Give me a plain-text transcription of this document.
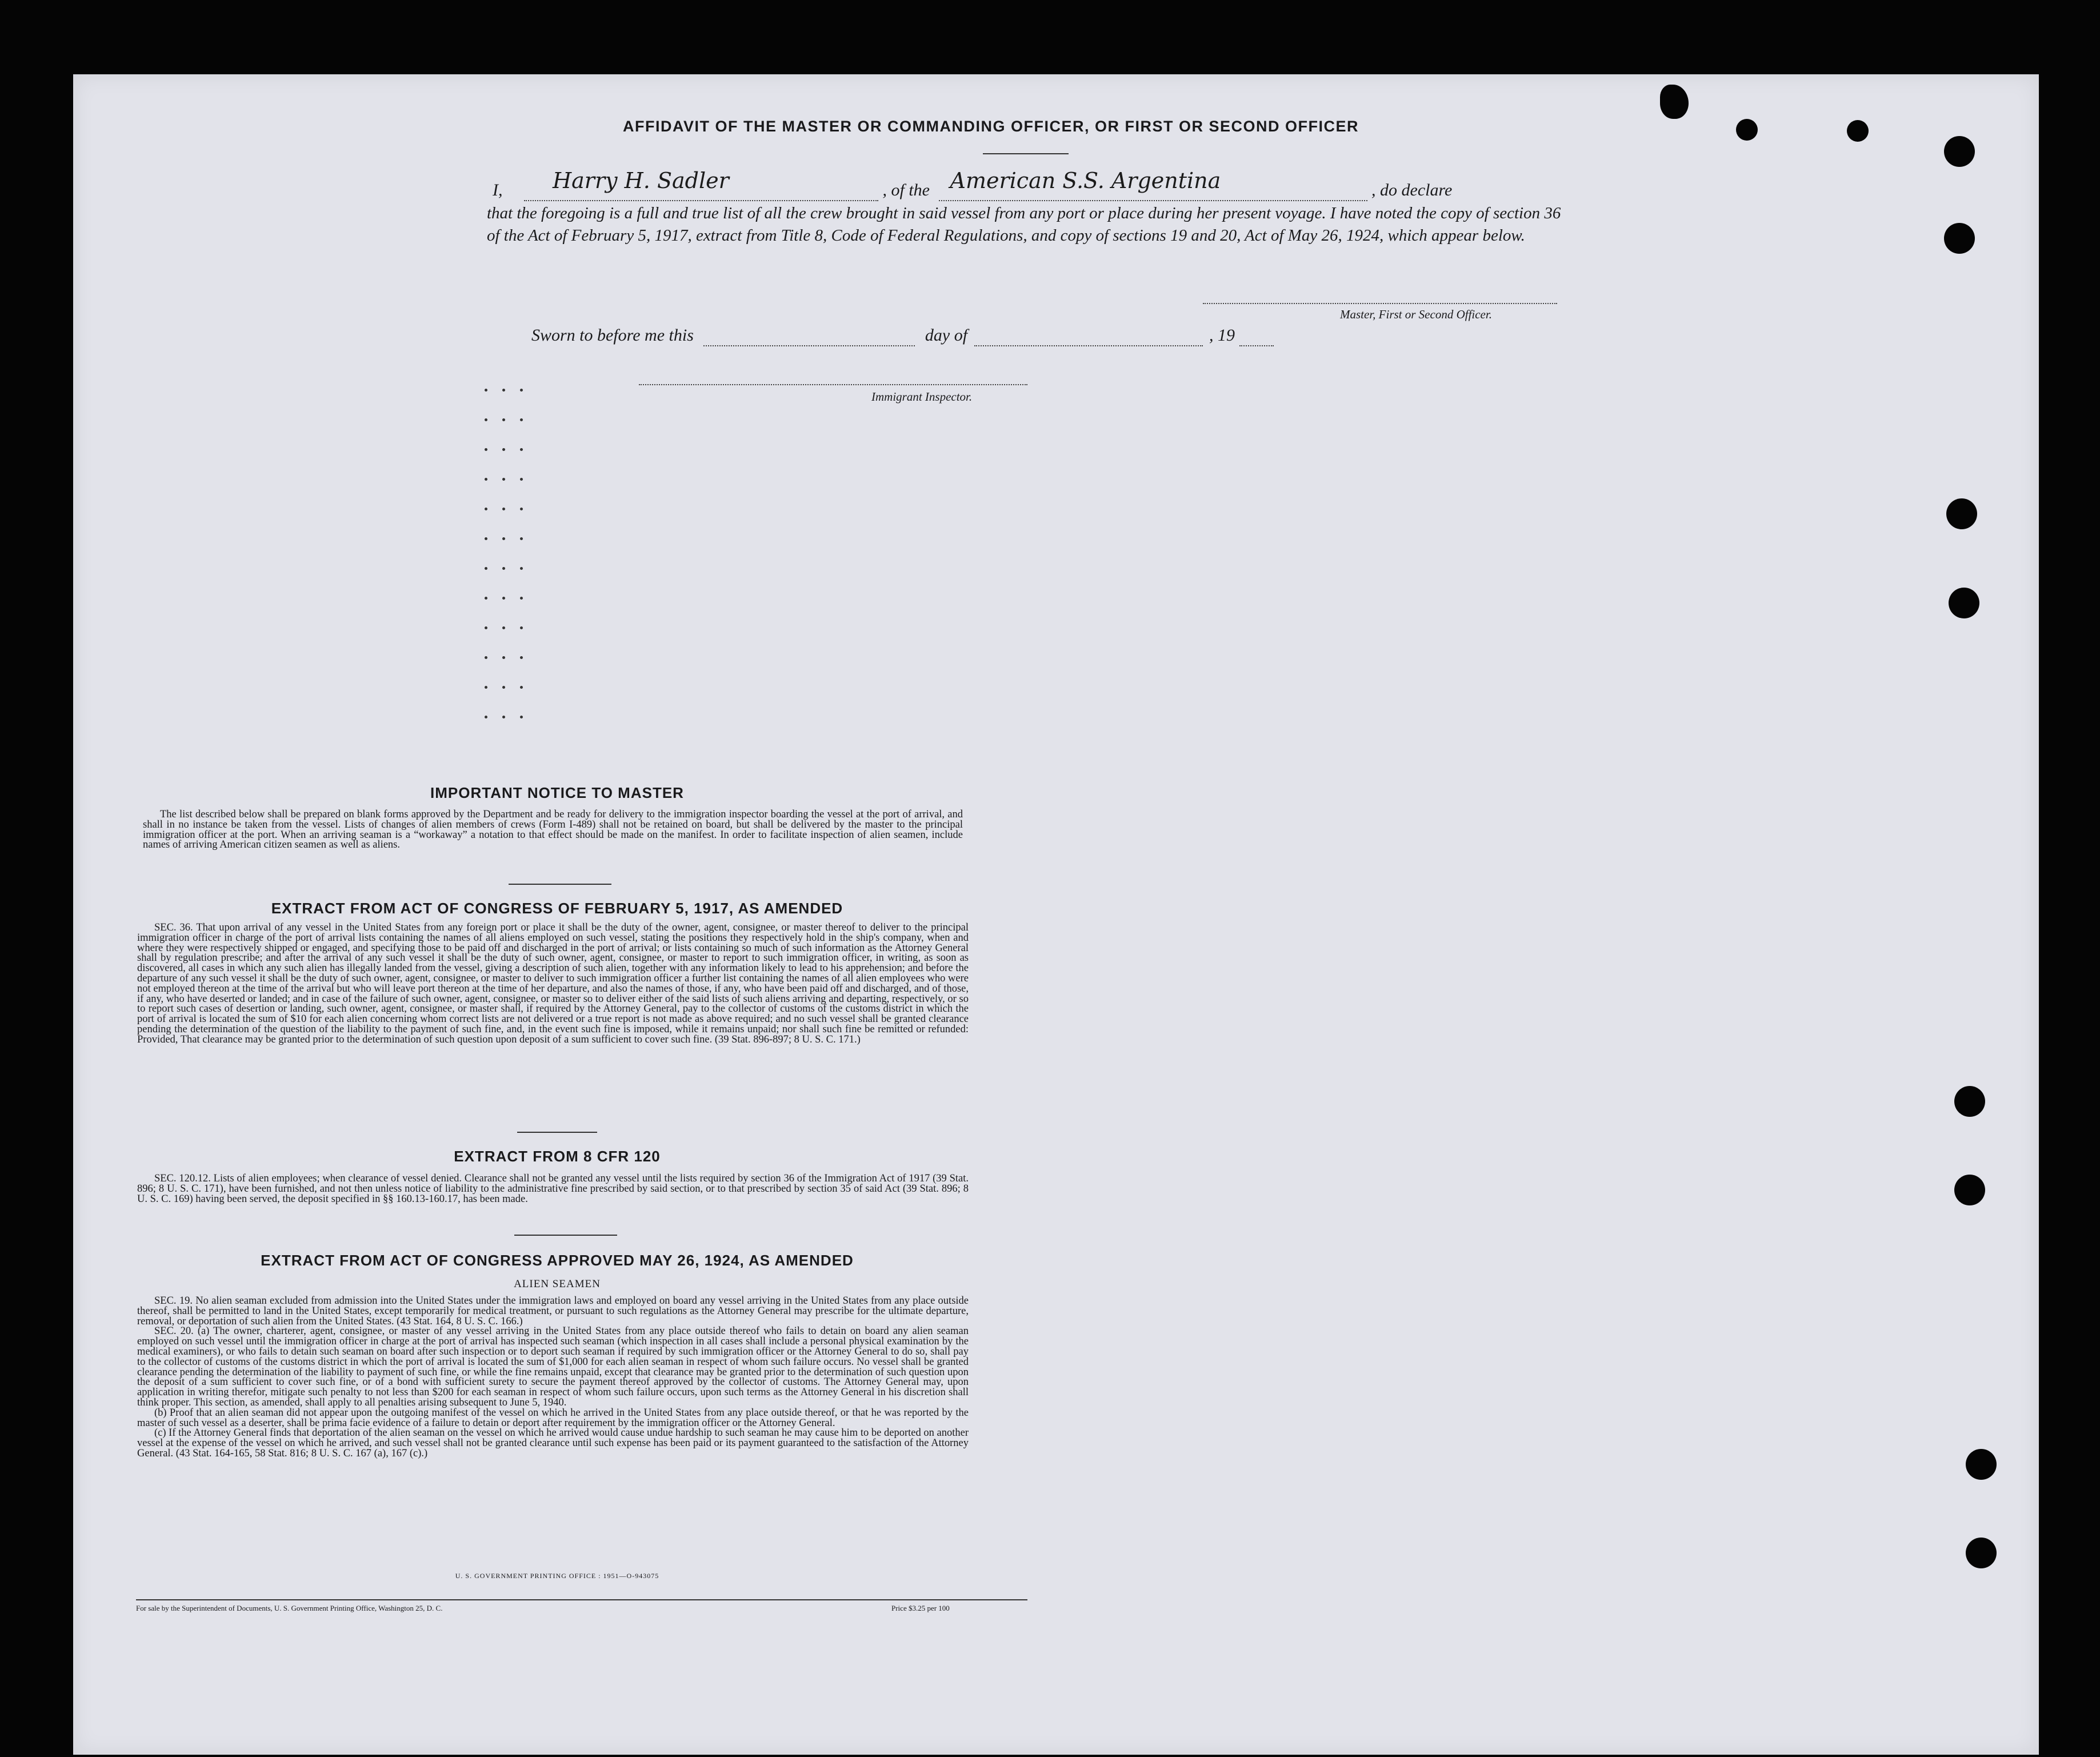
AFFIDAVIT OF THE MASTER OR COMMANDING OFFICER, OR FIRST OR SECOND OFFICER
I, Harry H. Sadler	, of the American S.S. Argentina	, do declare
that the foregoing is a full and true list of all the crew brought in said vessel from any port or place during her present voyage. I have noted the copy of section 36 of the Act of February 5, 1917, extract from Title 8, Code of Federal Regulations, and copy of sections 19 and 20, Act of May 26, 1924, which appear below.
Master, First or Second Officer.
Sworn to before me this	day of	, 19
Immigrant Inspector.
IMPORTANT NOTICE TO MASTER

The list described below shall be prepared on blank forms approved by the Department and be ready for delivery to the immigration inspector boarding the vessel at the port of arrival, and shall in no instance be taken from the vessel. Lists of changes of alien members of crews (Form I-489) shall not be retained on board, but shall be delivered by the master to the principal immigration officer at the port. When an arriving seaman is a “workaway” a notation to that effect should be made on the manifest. In order to facilitate inspection of alien seamen, include names of arriving American citizen seamen as well as aliens.

EXTRACT FROM ACT OF CONGRESS OF FEBRUARY 5, 1917, AS AMENDED

SEC. 36. That upon arrival of any vessel in the United States from any foreign port or place it shall be the duty of the owner, agent, consignee, or master thereof to deliver to the principal immigration officer in charge of the port of arrival lists containing the names of all aliens employed on such vessel, stating the positions they respectively hold in the ship's company, when and where they were respectively shipped or engaged, and specifying those to be paid off and discharged in the port of arrival; or lists containing so much of such information as the Attorney General shall by regulation prescribe; and after the arrival of any such vessel it shall be the duty of such owner, agent, consignee, or master to report to such immigration officer, in writing, as soon as discovered, all cases in which any such alien has illegally landed from the vessel, giving a description of such alien, together with any information likely to lead to his apprehension; and before the departure of any such vessel it shall be the duty of such owner, agent, consignee, or master to deliver to such immigration officer a further list containing the names of all alien employees who were not employed thereon at the time of the arrival but who will leave port thereon at the time of her departure, and also the names of those, if any, who have been paid off and discharged, and of those, if any, who have deserted or landed; and in case of the failure of such owner, agent, consignee, or master so to deliver either of the said lists of such aliens arriving and departing, respectively, or so to report such cases of desertion or landing, such owner, agent, consignee, or master shall, if required by the Attorney General, pay to the collector of customs of the customs district in which the port of arrival is located the sum of $10 for each alien concerning whom correct lists are not delivered or a true report is not made as above required; and no such vessel shall be granted clearance pending the determination of the question of the liability to the payment of such fine, and, in the event such fine is imposed, while it remains unpaid; nor shall such fine be remitted or refunded: Provided, That clearance may be granted prior to the determination of such question upon deposit of a sum sufficient to cover such fine. (39 Stat. 896-897; 8 U. S. C. 171.)

EXTRACT FROM 8 CFR 120

SEC. 120.12. Lists of alien employees; when clearance of vessel denied. Clearance shall not be granted any vessel until the lists required by section 36 of the Immigration Act of 1917 (39 Stat. 896; 8 U. S. C. 171), have been furnished, and not then unless notice of liability to the administrative fine prescribed by said section, or to that prescribed by section 35 of said Act (39 Stat. 896; 8 U. S. C. 169) having been served, the deposit specified in §§ 160.13-160.17, has been made.

EXTRACT FROM ACT OF CONGRESS APPROVED MAY 26, 1924, AS AMENDED
ALIEN SEAMEN

SEC. 19. No alien seaman excluded from admission into the United States under the immigration laws and employed on board any vessel arriving in the United States from any place outside thereof, shall be permitted to land in the United States, except temporarily for medical treatment, or pursuant to such regulations as the Attorney General may prescribe for the ultimate departure, removal, or deportation of such alien from the United States. (43 Stat. 164, 8 U. S. C. 166.)

SEC. 20. (a) The owner, charterer, agent, consignee, or master of any vessel arriving in the United States from any place outside thereof who fails to detain on board any alien seaman employed on such vessel until the immigration officer in charge at the port of arrival has inspected such seaman (which inspection in all cases shall include a personal physical examination by the medical examiners), or who fails to detain such seaman on board after such inspection or to deport such seaman if required by such immigration officer or the Attorney General to do so, shall pay to the collector of customs of the customs district in which the port of arrival is located the sum of $1,000 for each alien seaman in respect of whom such failure occurs. No vessel shall be granted clearance pending the determination of the liability to payment of such fine, or while the fine remains unpaid, except that clearance may be granted prior to the determination of such question upon the deposit of a sum sufficient to cover such fine, or of a bond with sufficient surety to secure the payment thereof approved by the collector of customs. The Attorney General may, upon application in writing therefor, mitigate such penalty to not less than $200 for each seaman in respect of whom such failure occurs, upon such terms as the Attorney General in his discretion shall think proper. This section, as amended, shall apply to all penalties arising subsequent to June 5, 1940.

(b) Proof that an alien seaman did not appear upon the outgoing manifest of the vessel on which he arrived in the United States from any place outside thereof, or that he was reported by the master of such vessel as a deserter, shall be prima facie evidence of a failure to detain or deport after requirement by the immigration officer or the Attorney General.

(c) If the Attorney General finds that deportation of the alien seaman on the vessel on which he arrived would cause undue hardship to such seaman he may cause him to be deported on another vessel at the expense of the vessel on which he arrived, and such vessel shall not be granted clearance until such expense has been paid or its payment guaranteed to the satisfaction of the Attorney General. (43 Stat. 164-165, 58 Stat. 816; 8 U. S. C. 167 (a), 167 (c).)

U. S. GOVERNMENT PRINTING OFFICE : 1951—O-943075
For sale by the Superintendent of Documents, U. S. Government Printing Office, Washington 25, D. C.	Price $3.25 per 100
